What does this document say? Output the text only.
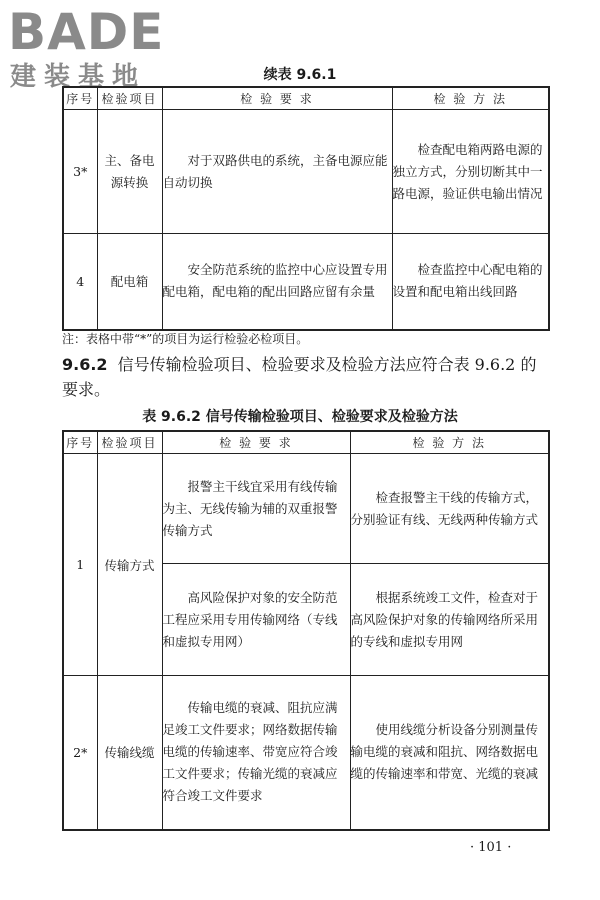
BADE
建装基地	续表 9.6.1
序号	检验项目	检 验 要 求	检 验 方 法
3*	主、备电源转换	对于双路供电的系统，主备电源应能自动切换	检查配电箱两路电源的独立方式，分别切断其中一路电源，验证供电输出情况
4	配电箱	安全防范系统的监控中心应设置专用配电箱，配电箱的配出回路应留有余量	检查监控中心配电箱的设置和配电箱出线回路
注：表格中带“*”的项目为运行检验必检项目。
9.6.2 信号传输检验项目、检验要求及检验方法应符合表 9.6.2 的要求。
表 9.6.2 信号传输检验项目、检验要求及检验方法
序号	检验项目	检 验 要 求	检 验 方 法
1	传输方式	报警主干线宜采用有线传输为主、无线传输为辅的双重报警传输方式	检查报警主干线的传输方式，分别验证有线、无线两种传输方式
		高风险保护对象的安全防范工程应采用专用传输网络（专线和虚拟专用网）	根据系统竣工文件，检查对于高风险保护对象的传输网络所采用的专线和虚拟专用网
2*	传输线缆	传输电缆的衰减、阻抗应满足竣工文件要求；网络数据传输电缆的传输速率、带宽应符合竣工文件要求；传输光缆的衰减应符合竣工文件要求	使用线缆分析设备分别测量传输电缆的衰减和阻抗、网络数据电缆的传输速率和带宽、光缆的衰减
· 101 ·
